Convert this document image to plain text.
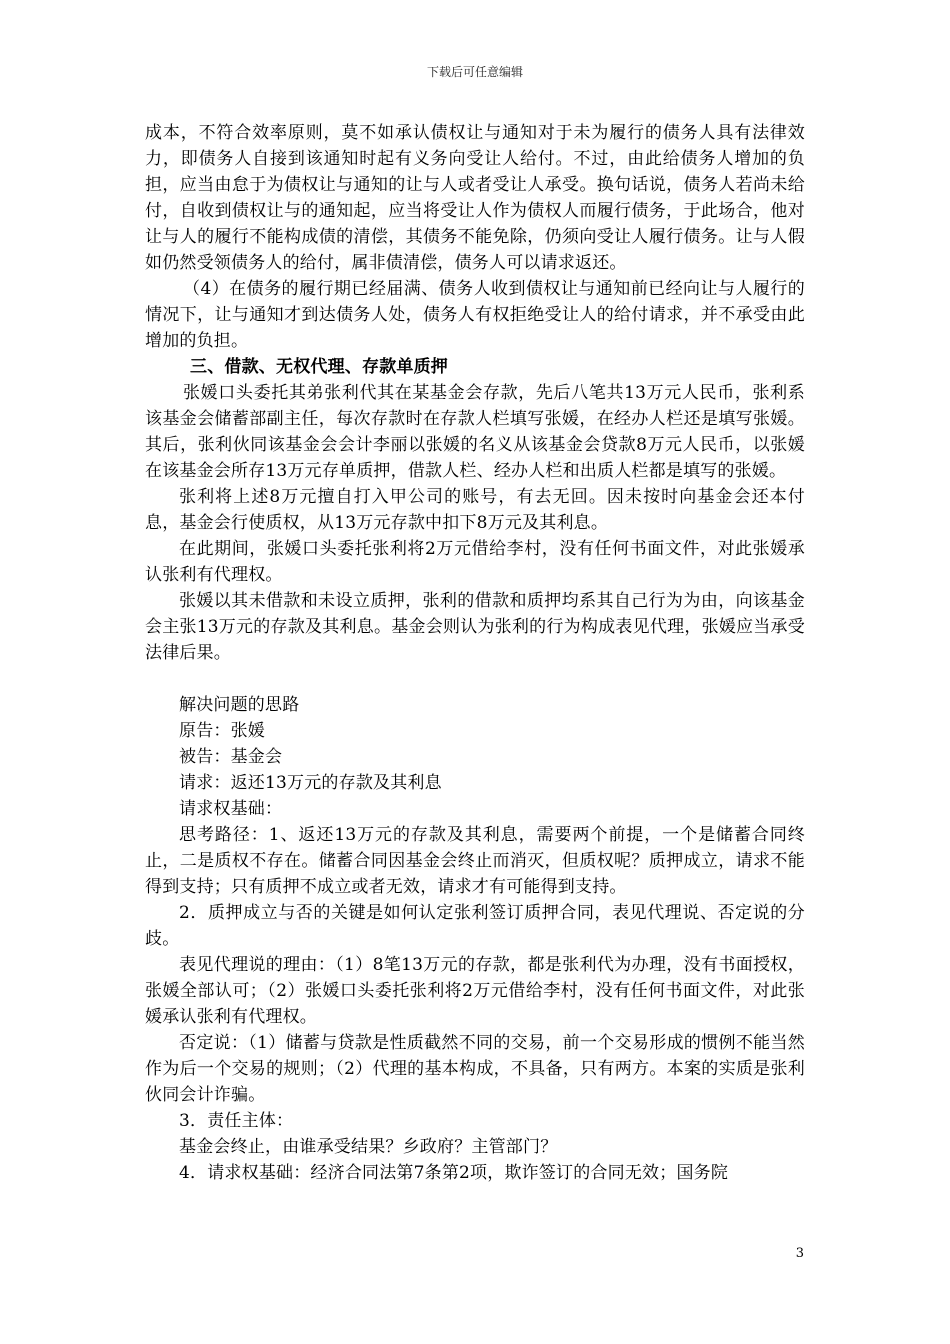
下载后可任意编辑

成本，不符合效率原则，莫不如承认债权让与通知对于未为履行的债务人具有法律效力，即债务人自接到该通知时起有义务向受让人给付。不过，由此给债务人增加的负担，应当由怠于为债权让与通知的让与人或者受让人承受。换句话说，债务人若尚未给付，自收到债权让与的通知起，应当将受让人作为债权人而履行债务，于此场合，他对让与人的履行不能构成债的清偿，其债务不能免除，仍须向受让人履行债务。让与人假如仍然受领债务人的给付，属非债清偿，债务人可以请求返还。

（4）在债务的履行期已经届满、债务人收到债权让与通知前已经向让与人履行的情况下，让与通知才到达债务人处，债务人有权拒绝受让人的给付请求，并不承受由此增加的负担。

三、借款、无权代理、存款单质押

张媛口头委托其弟张利代其在某基金会存款，先后八笔共13万元人民币，张利系该基金会储蓄部副主任，每次存款时在存款人栏填写张媛，在经办人栏还是填写张媛。其后，张利伙同该基金会会计李丽以张媛的名义从该基金会贷款8万元人民币，以张媛在该基金会所存13万元存单质押，借款人栏、经办人栏和出质人栏都是填写的张媛。

张利将上述8万元擅自打入甲公司的账号，有去无回。因未按时向基金会还本付息，基金会行使质权，从13万元存款中扣下8万元及其利息。

在此期间，张媛口头委托张利将2万元借给李村，没有任何书面文件，对此张媛承认张利有代理权。

张媛以其未借款和未设立质押，张利的借款和质押均系其自己行为为由，向该基金会主张13万元的存款及其利息。基金会则认为张利的行为构成表见代理，张媛应当承受法律后果。

解决问题的思路

原告：张媛

被告：基金会

请求：返还13万元的存款及其利息

请求权基础：

思考路径：1、返还13万元的存款及其利息，需要两个前提，一个是储蓄合同终止，二是质权不存在。储蓄合同因基金会终止而消灭，但质权呢？质押成立，请求不能得到支持；只有质押不成立或者无效，请求才有可能得到支持。

2．质押成立与否的关键是如何认定张利签订质押合同，表见代理说、否定说的分歧。

表见代理说的理由：（1）8笔13万元的存款，都是张利代为办理，没有书面授权，张媛全部认可；（2）张媛口头委托张利将2万元借给李村，没有任何书面文件，对此张媛承认张利有代理权。

否定说：（1）储蓄与贷款是性质截然不同的交易，前一个交易形成的惯例不能当然作为后一个交易的规则；（2）代理的基本构成，不具备，只有两方。本案的实质是张利伙同会计诈骗。

3．责任主体：

基金会终止，由谁承受结果？乡政府？主管部门？

4．请求权基础：经济合同法第7条第2项，欺诈签订的合同无效；国务院

3
